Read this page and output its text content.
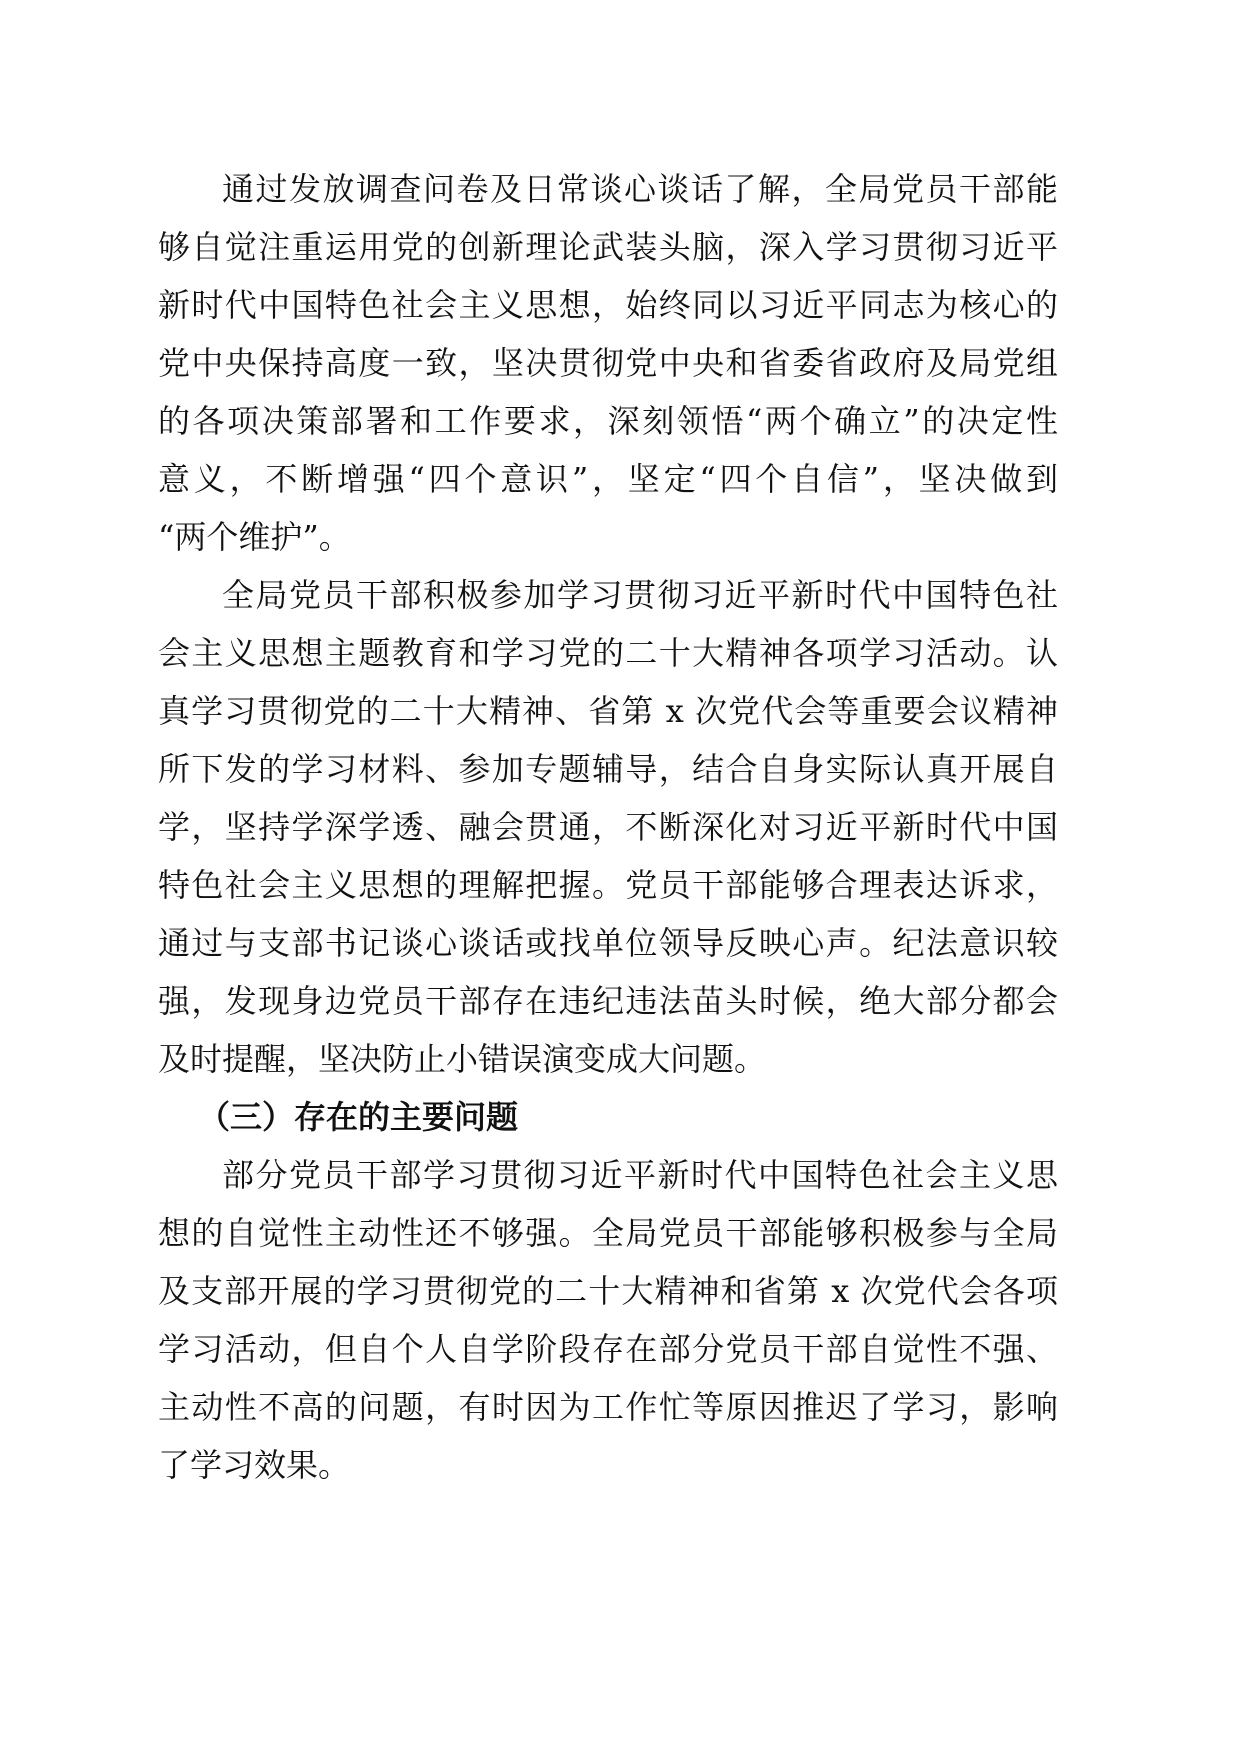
通过发放调查问卷及日常谈心谈话了解，全局党员干部能
够自觉注重运用党的创新理论武装头脑，深入学习贯彻习近平
新时代中国特色社会主义思想，始终同以习近平同志为核心的
党中央保持高度一致，坚决贯彻党中央和省委省政府及局党组
的各项决策部署和工作要求，深刻领悟“两个确立”的决定性
意义，不断增强“四个意识”，坚定“四个自信”，坚决做到
“两个维护”。
全局党员干部积极参加学习贯彻习近平新时代中国特色社
会主义思想主题教育和学习党的二十大精神各项学习活动。认
真学习贯彻党的二十大精神、省第 x 次党代会等重要会议精神
所下发的学习材料、参加专题辅导，结合自身实际认真开展自
学，坚持学深学透、融会贯通，不断深化对习近平新时代中国
特色社会主义思想的理解把握。党员干部能够合理表达诉求，
通过与支部书记谈心谈话或找单位领导反映心声。纪法意识较
强，发现身边党员干部存在违纪违法苗头时候，绝大部分都会
及时提醒，坚决防止小错误演变成大问题。
（三）存在的主要问题
部分党员干部学习贯彻习近平新时代中国特色社会主义思
想的自觉性主动性还不够强。全局党员干部能够积极参与全局
及支部开展的学习贯彻党的二十大精神和省第 x 次党代会各项
学习活动，但自个人自学阶段存在部分党员干部自觉性不强、
主动性不高的问题，有时因为工作忙等原因推迟了学习，影响
了学习效果。
